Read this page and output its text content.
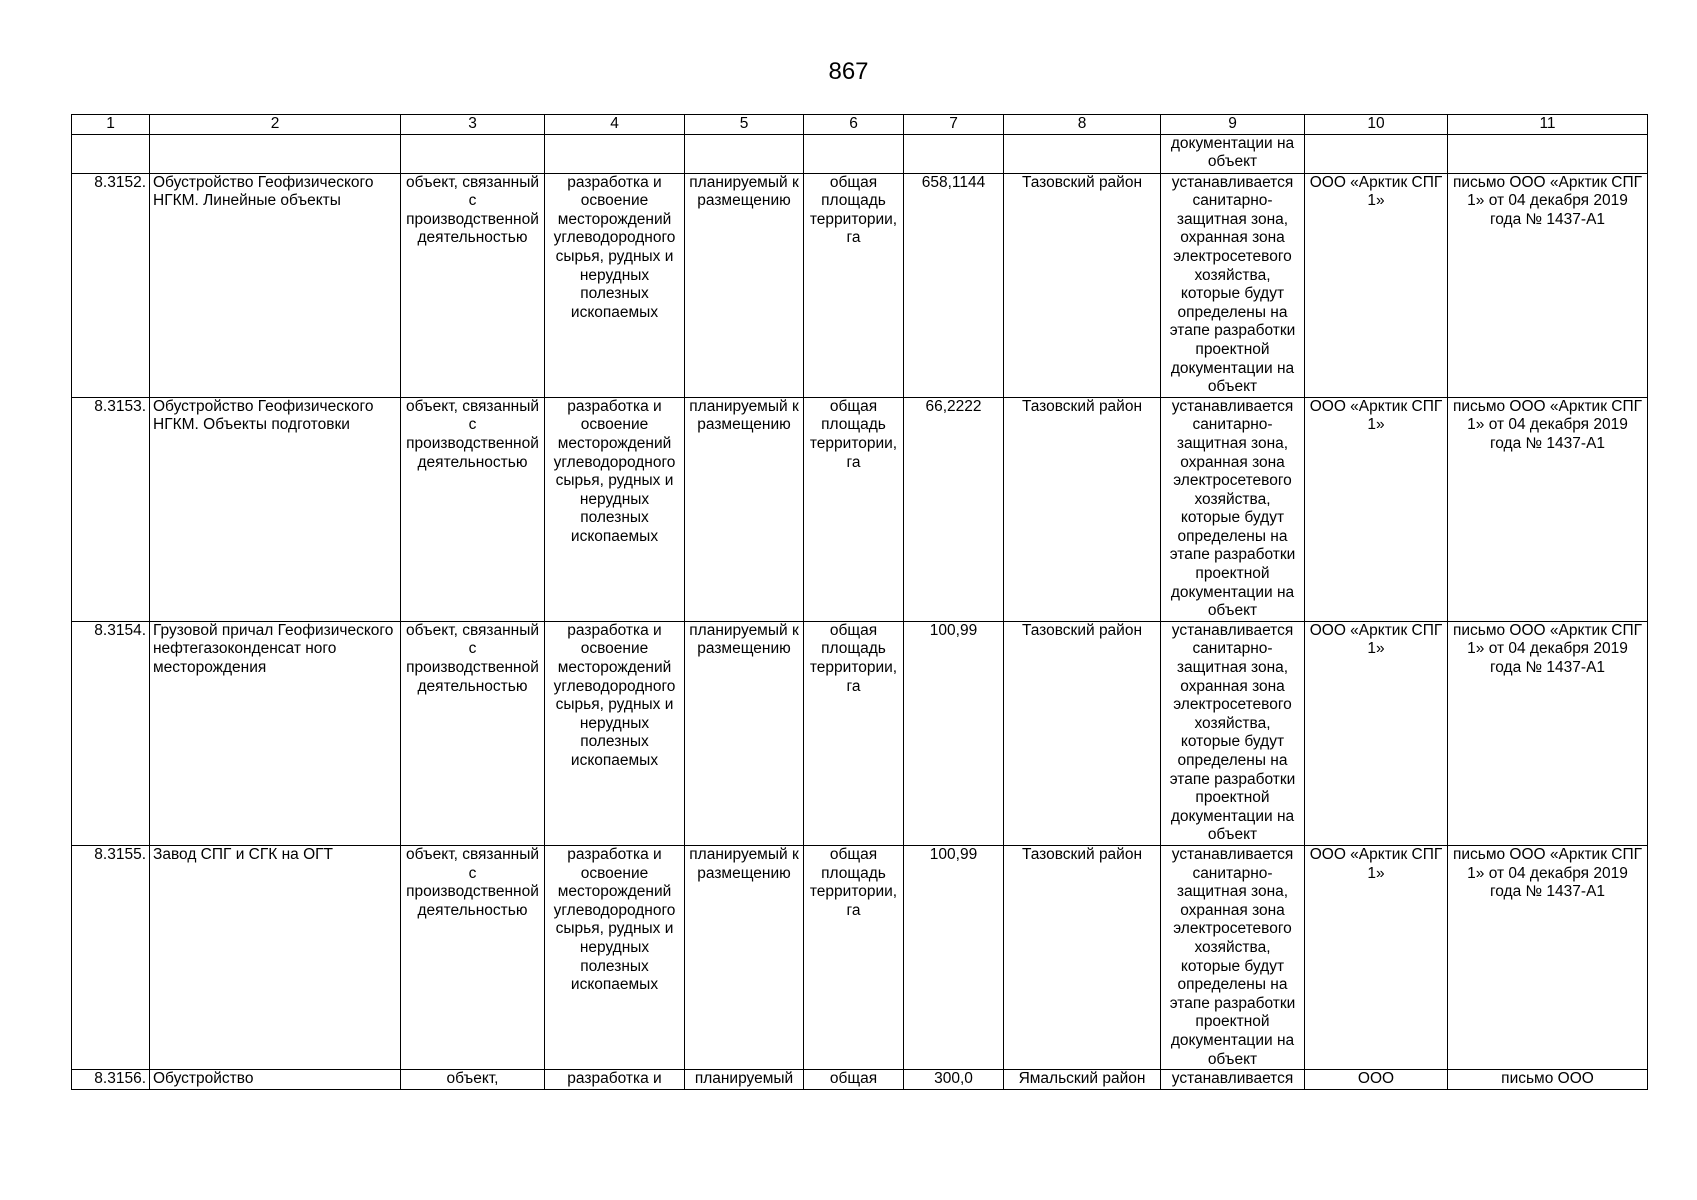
867
1	2	3	4	5	6	7	8	9	10	11
								документации на объект		
8.3152.	Обустройство Геофизического НГКМ. Линейные объекты	объект, связанный с производственной деятельностью	разработка и освоение месторождений углеводородного сырья, рудных и нерудных полезных ископаемых	планируемый к размещению	общая площадь территории, га	658,1144	Тазовский район	устанавливается санитарно-защитная зона, охранная зона электросетевого хозяйства, которые будут определены на этапе разработки проектной документации на объект	ООО «Арктик СПГ 1»	письмо ООО «Арктик СПГ 1» от 04 декабря 2019 года № 1437-А1
8.3153.	Обустройство Геофизического НГКМ. Объекты подготовки	объект, связанный с производственной деятельностью	разработка и освоение месторождений углеводородного сырья, рудных и нерудных полезных ископаемых	планируемый к размещению	общая площадь территории, га	66,2222	Тазовский район	устанавливается санитарно-защитная зона, охранная зона электросетевого хозяйства, которые будут определены на этапе разработки проектной документации на объект	ООО «Арктик СПГ 1»	письмо ООО «Арктик СПГ 1» от 04 декабря 2019 года № 1437-А1
8.3154.	Грузовой причал Геофизического нефтегазоконденсат ного месторождения	объект, связанный с производственной деятельностью	разработка и освоение месторождений углеводородного сырья, рудных и нерудных полезных ископаемых	планируемый к размещению	общая площадь территории, га	100,99	Тазовский район	устанавливается санитарно-защитная зона, охранная зона электросетевого хозяйства, которые будут определены на этапе разработки проектной документации на объект	ООО «Арктик СПГ 1»	письмо ООО «Арктик СПГ 1» от 04 декабря 2019 года № 1437-А1
8.3155.	Завод СПГ и СГК на ОГТ	объект, связанный с производственной деятельностью	разработка и освоение месторождений углеводородного сырья, рудных и нерудных полезных ископаемых	планируемый к размещению	общая площадь территории, га	100,99	Тазовский район	устанавливается санитарно-защитная зона, охранная зона электросетевого хозяйства, которые будут определены на этапе разработки проектной документации на объект	ООО «Арктик СПГ 1»	письмо ООО «Арктик СПГ 1» от 04 декабря 2019 года № 1437-А1
8.3156.	Обустройство	объект,	разработка и	планируемый	общая	300,0	Ямальский район	устанавливается	ООО	письмо ООО
